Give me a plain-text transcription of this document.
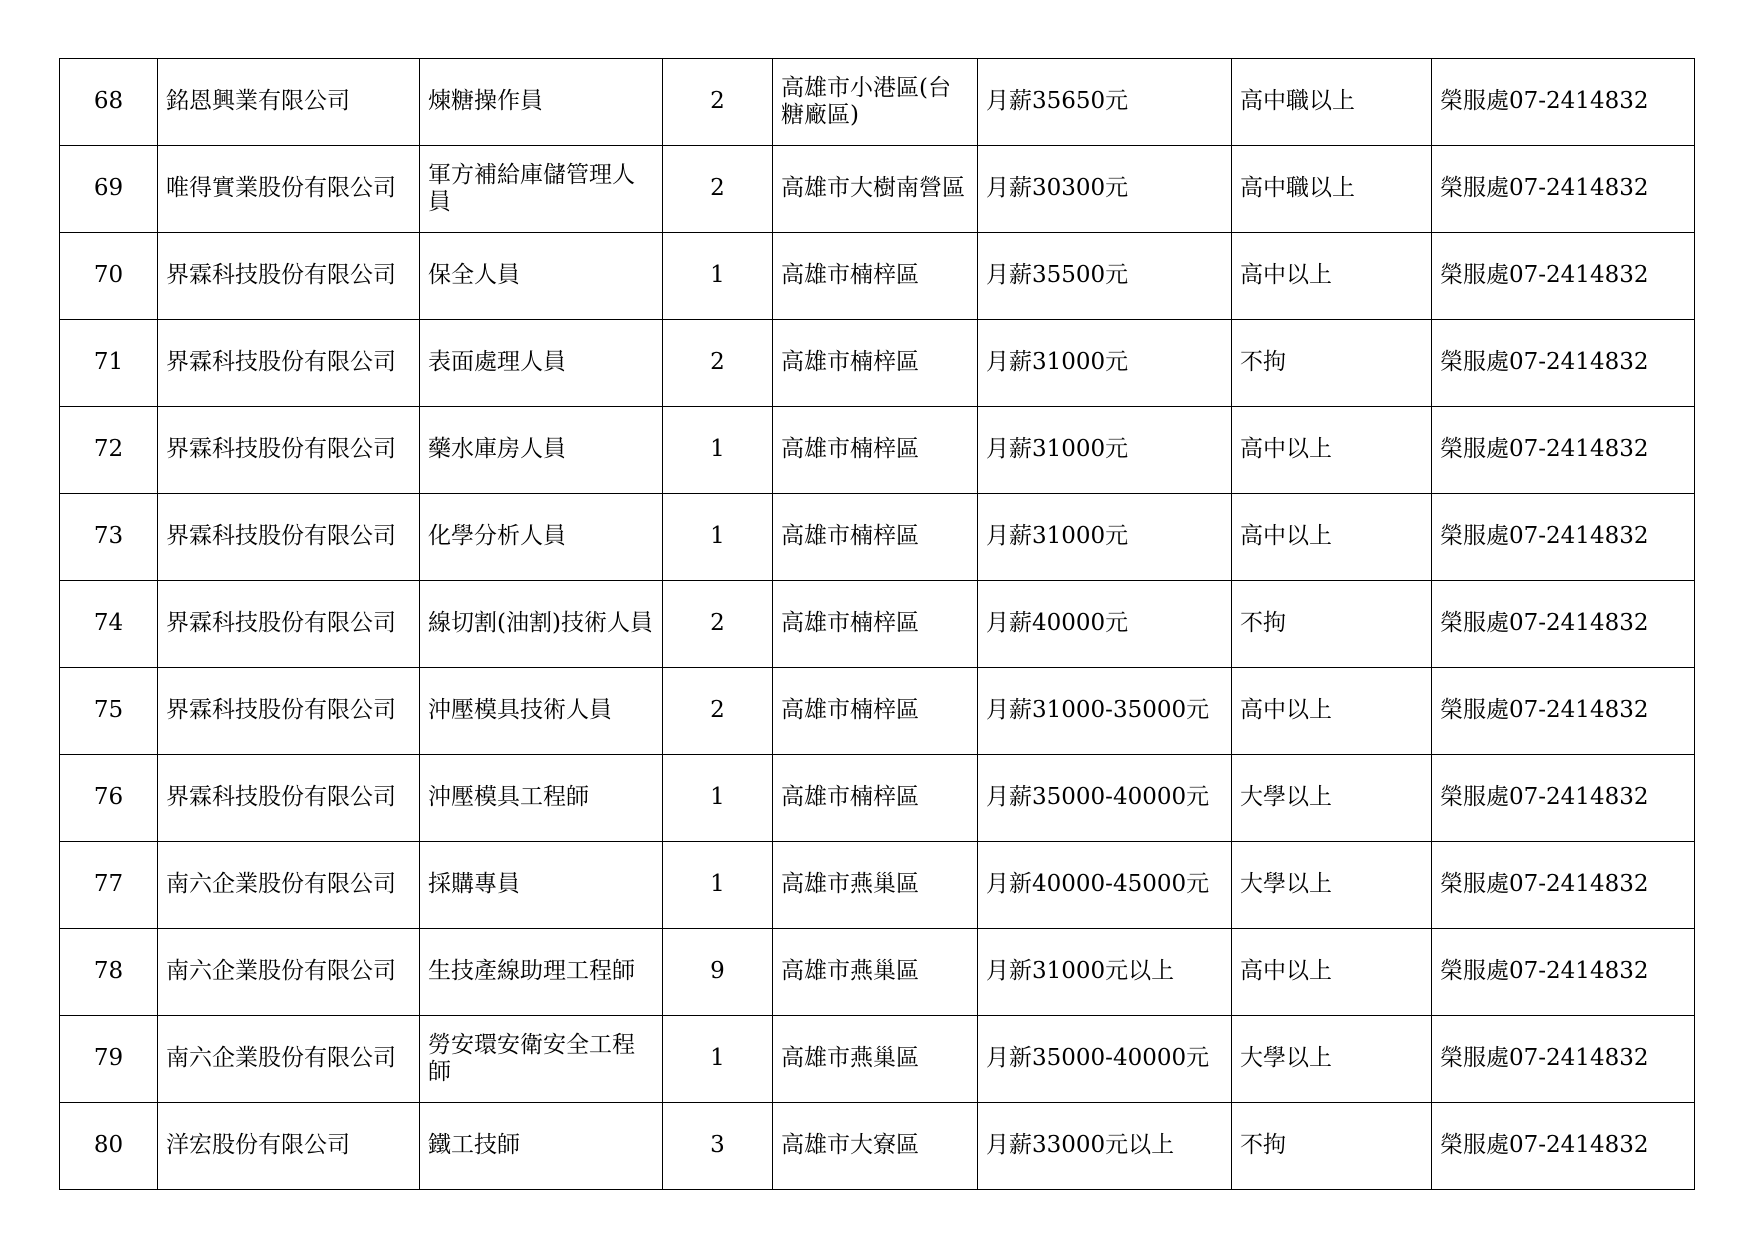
68	銘恩興業有限公司	煉糖操作員	2	高雄市小港區(台糖廠區)	月薪35650元	高中職以上	榮服處07-2414832

69	唯得實業股份有限公司	軍方補給庫儲管理人員	2	高雄市大樹南營區	月薪30300元	高中職以上	榮服處07-2414832

70	界霖科技股份有限公司	保全人員	1	高雄市楠梓區	月薪35500元	高中以上	榮服處07-2414832

71	界霖科技股份有限公司	表面處理人員	2	高雄市楠梓區	月薪31000元	不拘	榮服處07-2414832

72	界霖科技股份有限公司	藥水庫房人員	1	高雄市楠梓區	月薪31000元	高中以上	榮服處07-2414832

73	界霖科技股份有限公司	化學分析人員	1	高雄市楠梓區	月薪31000元	高中以上	榮服處07-2414832

74	界霖科技股份有限公司	線切割(油割)技術人員	2	高雄市楠梓區	月薪40000元	不拘	榮服處07-2414832

75	界霖科技股份有限公司	沖壓模具技術人員	2	高雄市楠梓區	月薪31000-35000元	高中以上	榮服處07-2414832

76	界霖科技股份有限公司	沖壓模具工程師	1	高雄市楠梓區	月薪35000-40000元	大學以上	榮服處07-2414832

77	南六企業股份有限公司	採購專員	1	高雄市燕巢區	月新40000-45000元	大學以上	榮服處07-2414832

78	南六企業股份有限公司	生技產線助理工程師	9	高雄市燕巢區	月新31000元以上	高中以上	榮服處07-2414832

79	南六企業股份有限公司	勞安環安衛安全工程師	1	高雄市燕巢區	月新35000-40000元	大學以上	榮服處07-2414832

80	洋宏股份有限公司	鐵工技師	3	高雄市大寮區	月薪33000元以上	不拘	榮服處07-2414832
